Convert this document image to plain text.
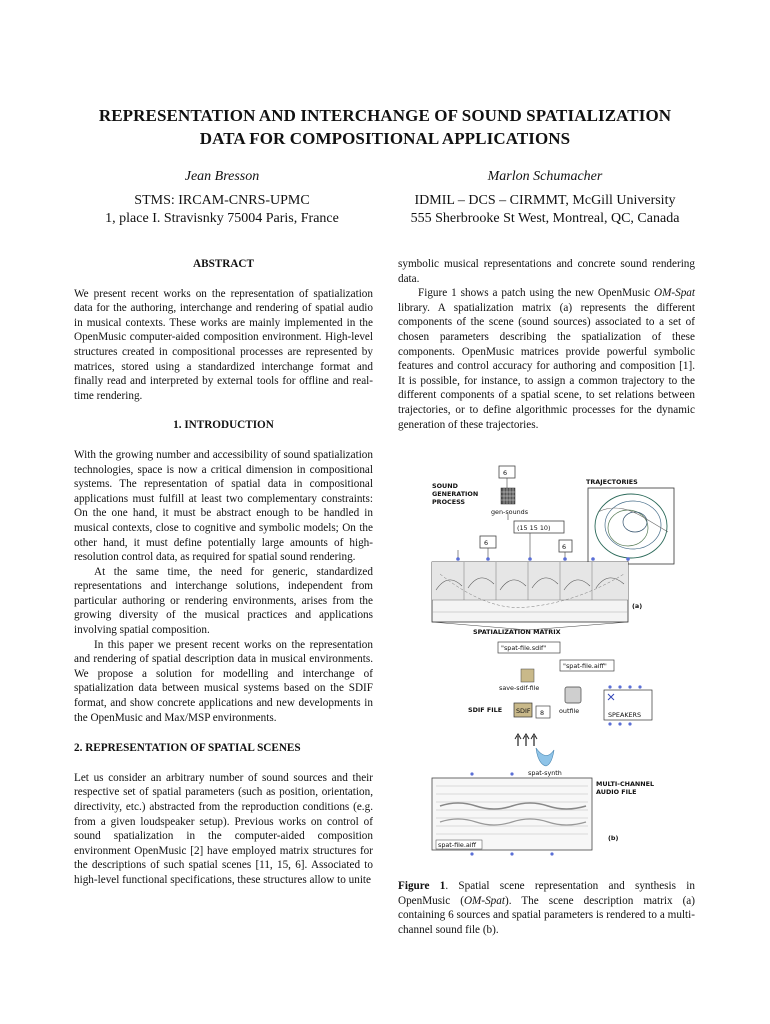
REPRESENTATION AND INTERCHANGE OF SOUND SPATIALIZATION
DATA FOR COMPOSITIONAL APPLICATIONS
Jean Bresson
STMS: IRCAM-CNRS-UPMC
1, place I. Stravisnky 75004 Paris, France
Marlon Schumacher
IDMIL – DCS – CIRMMT, McGill University
555 Sherbrooke St West, Montreal, QC, Canada
ABSTRACT

We present recent works on the representation of spatialization data for the authoring, interchange and rendering of spatial audio in musical contexts. These works are mainly implemented in the OpenMusic computer-aided composition environment. High-level structures created in compositional processes are represented by matrices, stored using a standardized interchange format and finally read and interpreted by external tools for offline and real-time rendering.

1. INTRODUCTION

With the growing number and accessibility of sound spatialization technologies, space is now a critical dimension in compositional systems. The representation of spatial data in compositional applications must fulfill at least two complementary constraints: On the one hand, it must be abstract enough to be handled in musical contexts, close to cognitive and symbolic models; On the other hand, it must define potentially large amounts of high-resolution control data, as required for spatial sound rendering.

At the same time, the need for generic, standardized representations and interchange solutions, independent from particular authoring or rendering environments, arises from the growing diversity of the musical practices and applications involving spatial composition.

In this paper we present recent works on the representation and rendering of spatial description data in musical environments. We propose a solution for modelling and interchange of spatialization data between musical systems based on the SDIF format, and show concrete applications and new developments in the OpenMusic and Max/MSP environments.

2. REPRESENTATION OF SPATIAL SCENES

Let us consider an arbitrary number of sound sources and their respective set of spatial parameters (such as position, orientation, directivity, etc.) abstracted from the reproduction conditions (e.g. from a given loudspeaker setup). Previous works on control of sound spatialization in the computer-aided composition environment OpenMusic [2] have employed matrix structures for the descriptions of such spatial scenes [11, 15, 6]. Associated to high-level functional specifications, these structures allow to unite

symbolic musical representations and concrete sound rendering data.

Figure 1 shows a patch using the new OpenMusic OM-Spat library. A spatialization matrix (a) represents the different components of the scene (sound sources) associated to a set of chosen parameters describing the spatialization of these components. OpenMusic matrices provide powerful symbolic features and control accuracy for authoring and composition [1]. It is possible, for instance, to assign a common trajectory to the different components of a spatial scene, to set relations between trajectories, or to define algorithmic processes for the dynamic generation of these trajectories.

6
SOUND
GENERATION
PROCESS
gen-sounds
(15 15 10)
6	6
TRAJECTORIES
(a)
SPATIALIZATION MATRIX
"spat-file.sdif"
"spat-file.aiff"
save-sdif-file
SDIF FILE SDIF 8 outfile	SPEAKERS
spat-synth
MULTI-CHANNEL
AUDIO FILE
spat-file.aiff
(b)
Figure 1. Spatial scene representation and synthesis in OpenMusic (OM-Spat). The scene description matrix (a) containing 6 sources and spatial parameters is rendered to a multi-channel sound file (b).
